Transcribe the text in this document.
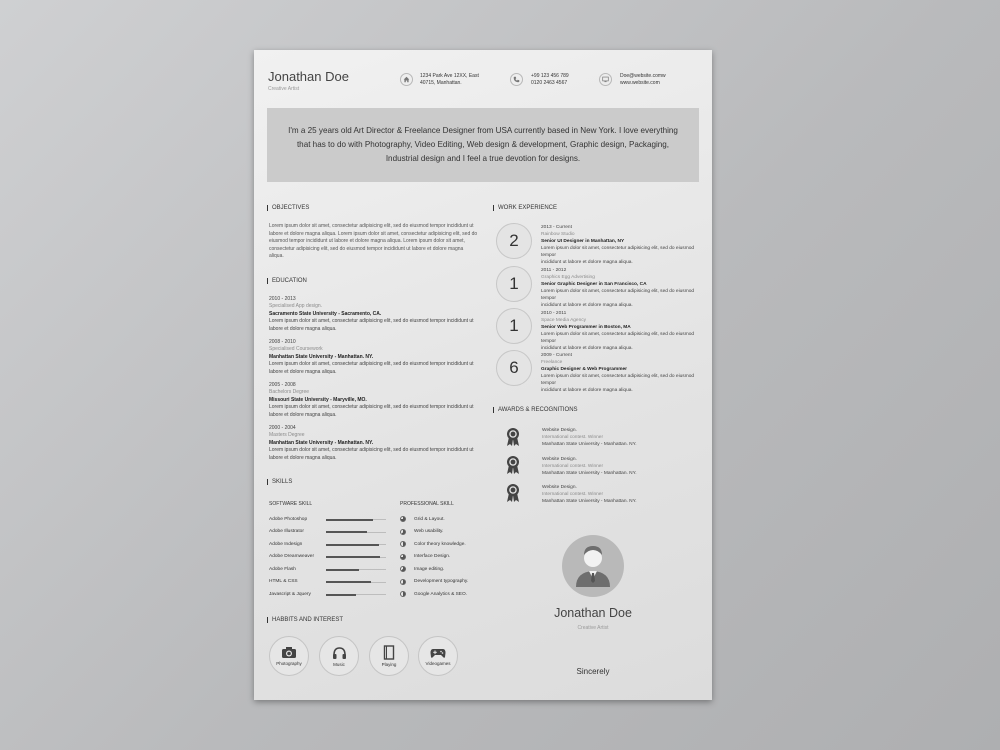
Jonathan Doe
Creative Artist
1234 Park Ave 12XX, East
40715, Manhattan.
+99 123 456 789
0120 2463 4567
Doe@website.comw
www.website.com
I'm a 25 years old Art Director & Freelance Designer from USA currently based in New York. I love everything that has to do with Photography, Video Editing, Web design & development, Graphic design, Packaging, Industrial design and I feel a true devotion for designs.
OBJECTIVES
Lorem ipsum dolor sit amet, consectetur adipisicing elit, sed do eiusmod tempor incididunt ut
labore et dolore magna aliqua. Lorem ipsum dolor sit amet, consectetur adipisicing elit, sed do
eiusmod tempor incididunt ut labore et dolore magna aliqua. Lorem ipsum dolor sit amet,
consectetur adipisicing elit, sed do eiusmod tempor incididunt ut labore et dolore magna aliqua.
EDUCATION
2010 - 2013
Specialised App design.
Sacramento State University - Sacramento, CA.
Lorem ipsum dolor sit amet, consectetur adipisicing elit, sed do eiusmod tempor incididunt ut
labore et dolore magna aliqua.
2008 - 2010
Specialised Coursework
Manhattan State University - Manhattan. NY.
Lorem ipsum dolor sit amet, consectetur adipisicing elit, sed do eiusmod tempor incididunt ut
labore et dolore magna aliqua.
2005 - 2008
Bachelors Degree
Missouri State University - Maryville, MO.
Lorem ipsum dolor sit amet, consectetur adipisicing elit, sed do eiusmod tempor incididunt ut
labore et dolore magna aliqua.
2000 - 2004
Masters Degree
Manhattan State University - Manhattan. NY.
Lorem ipsum dolor sit amet, consectetur adipisicing elit, sed do eiusmod tempor incididunt ut
labore et dolore magna aliqua.
SKILLS
SOFTWARE SKILL	PROFESSIONAL SKILL
Adobe Photoshop
Adobe Illustrator
Adobe Indesign
Adobe Dreamweaver
Adobe Flash
HTML & CSS
Javascript & Jquery
Grid & Layout.
Web usability.
Color theory knowledge.
Interface Design.
Image editing.
Development typography.
Google Analytics & SEO.
HABBITS AND INTEREST
Photography	Music	Playing	Videogames
WORK EXPERIENCE
2
2013 - Current
Rainbow Studio
Senior UI Designer in Manhattan, NY
Lorem ipsum dolor sit amet, consectetur adipisicing elit, sed do eiusmod tempor
incididunt ut labore et dolore magna aliqua.
1
2011 - 2012
Graphics Egg Advertising
Senior Graphic Designer in San Francisco, CA
Lorem ipsum dolor sit amet, consectetur adipisicing elit, sed do eiusmod tempor
incididunt ut labore et dolore magna aliqua.
1
2010 - 2011
Space Media Agency
Senior Web Programmer in Boston, MA
Lorem ipsum dolor sit amet, consectetur adipisicing elit, sed do eiusmod tempor
incididunt ut labore et dolore magna aliqua.
6
2009 - Current
Freelance
Graphic Designer & Web Programmer
Lorem ipsum dolor sit amet, consectetur adipisicing elit, sed do eiusmod tempor
incididunt ut labore et dolore magna aliqua.
AWARDS & RECOGNITIONS
Website Design.
International contest. Winner
Manhattan State University - Manhattan. NY.
Website Design.
International contest. Winner
Manhattan State University - Manhattan. NY.
Website Design.
International contest. Winner
Manhattan State University - Manhattan. NY.
Jonathan Doe
Creative Artist
Sincerely
